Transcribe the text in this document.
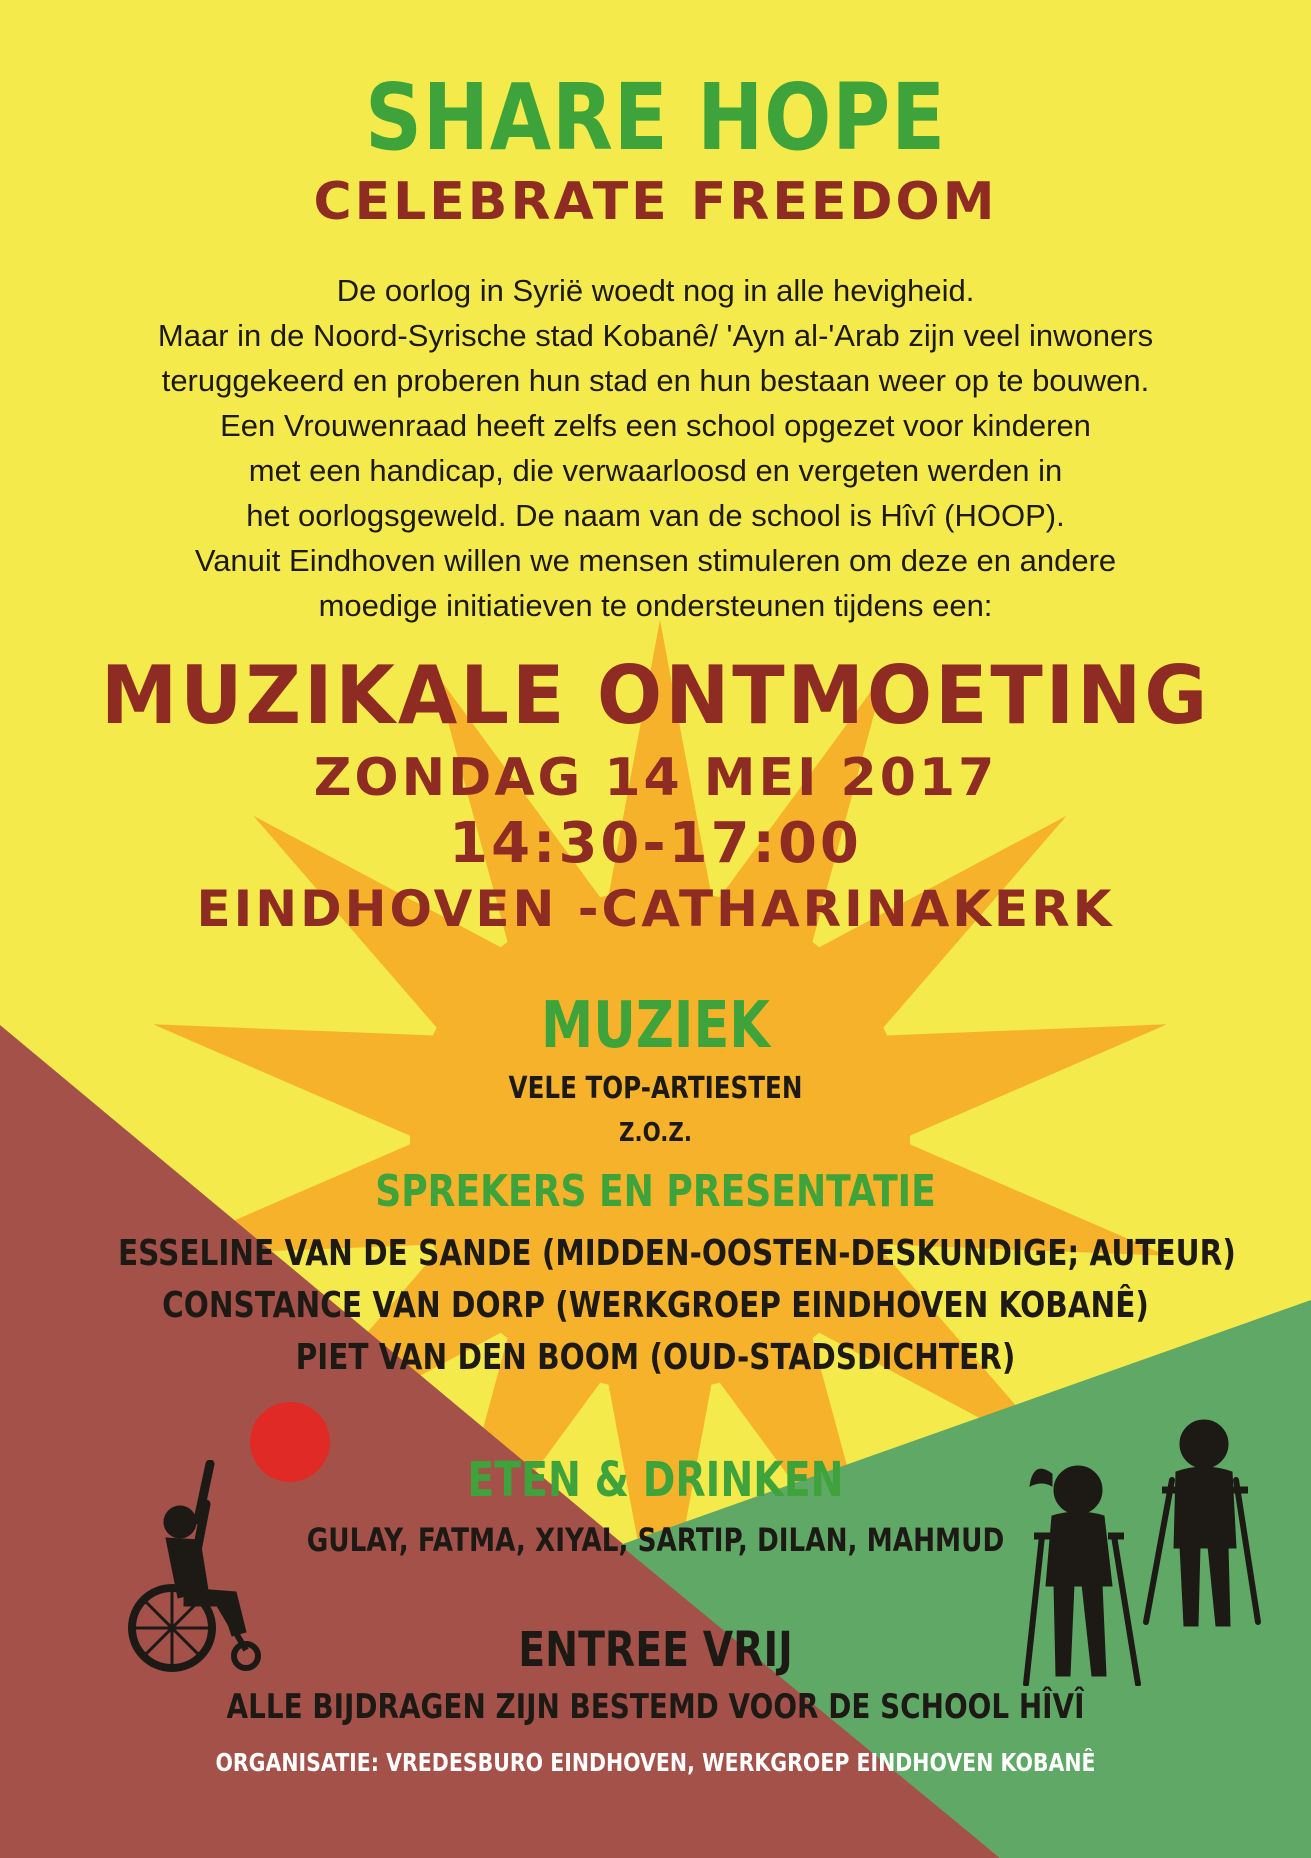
SHARE HOPE
CELEBRATE FREEDOM
De oorlog in Syrië woedt nog in alle hevigheid.
Maar in de Noord-Syrische stad Kobanê/ 'Ayn al-'Arab zijn veel inwoners
teruggekeerd en proberen hun stad en hun bestaan weer op te bouwen.
Een Vrouwenraad heeft zelfs een school opgezet voor kinderen
met een handicap, die verwaarloosd en vergeten werden in
het oorlogsgeweld. De naam van de school is Hîvî (HOOP).
Vanuit Eindhoven willen we mensen stimuleren om deze en andere
moedige initiatieven te ondersteunen tijdens een:
MUZIKALE ONTMOETING
ZONDAG 14 MEI 2017
14:30-17:00
EINDHOVEN -CATHARINAKERK
MUZIEK
VELE TOP-ARTIESTEN
Z.O.Z.
SPREKERS EN PRESENTATIE
ESSELINE VAN DE SANDE (MIDDEN-OOSTEN-DESKUNDIGE; AUTEUR)
CONSTANCE VAN DORP (WERKGROEP EINDHOVEN KOBANÊ)
PIET VAN DEN BOOM (OUD-STADSDICHTER)
ETEN & DRINKEN
GULAY, FATMA, XIYAL, SARTIP, DILAN, MAHMUD
ENTREE VRIJ
ALLE BIJDRAGEN ZIJN BESTEMD VOOR DE SCHOOL HÎVÎ
ORGANISATIE: VREDESBURO EINDHOVEN, WERKGROEP EINDHOVEN KOBANÊ
